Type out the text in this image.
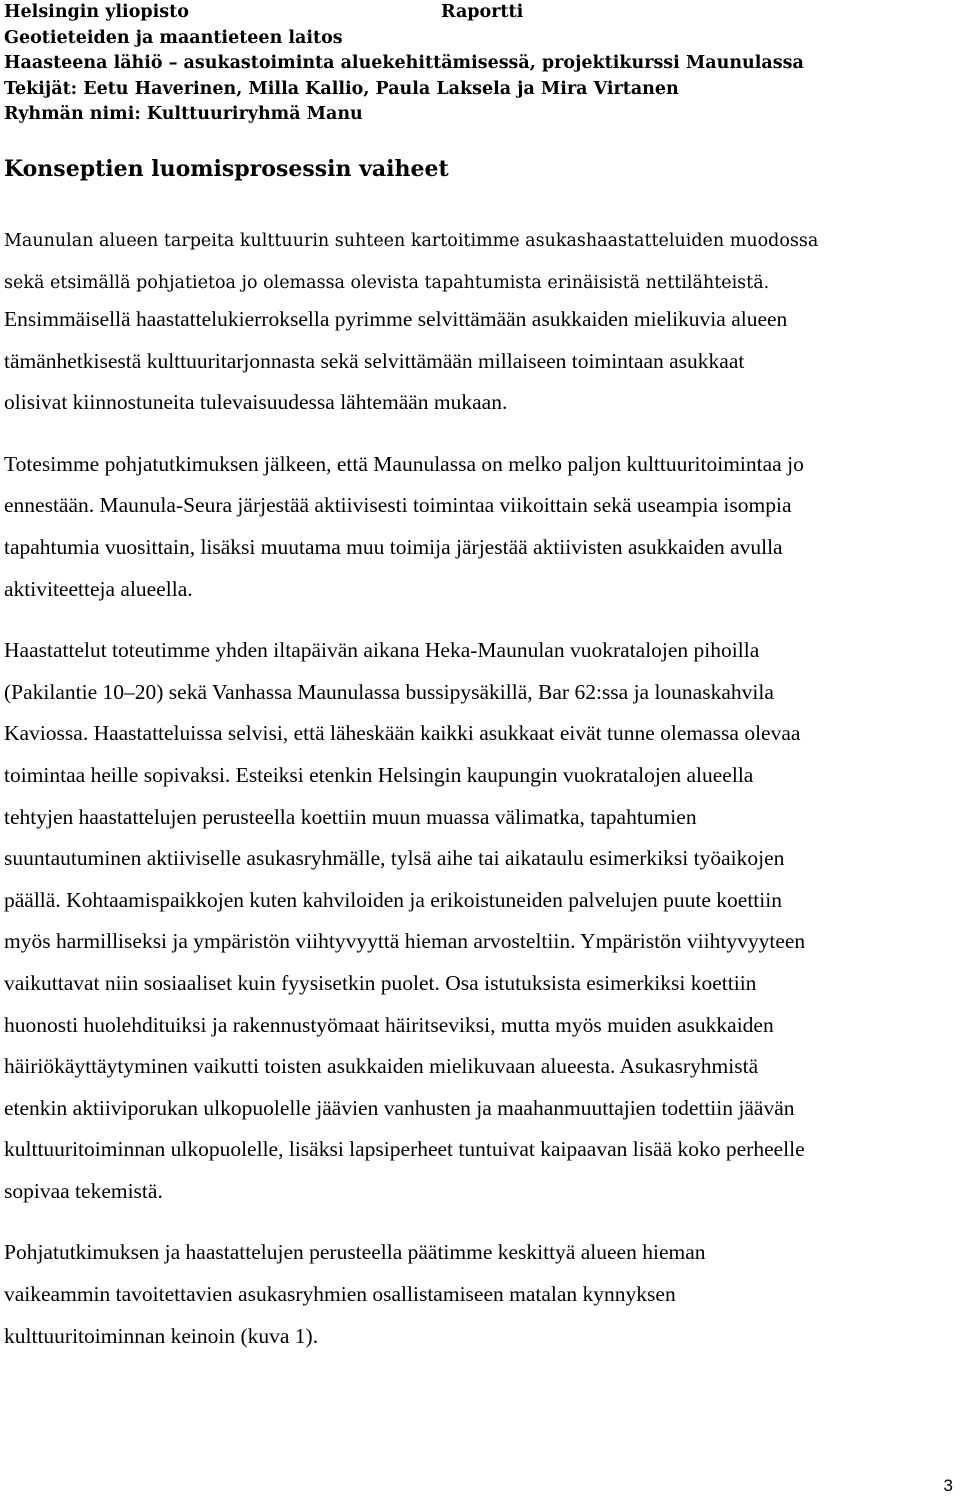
Helsingin yliopisto	Raportti
Geotieteiden ja maantieteen laitos
Haasteena lähiö – asukastoiminta aluekehittämisessä, projektikurssi Maunulassa
Tekijät: Eetu Haverinen, Milla Kallio, Paula Laksela ja Mira Virtanen
Ryhmän nimi: Kulttuuriryhmä Manu
Konseptien luomisprosessin vaiheet
Maunulan alueen tarpeita kulttuurin suhteen kartoitimme asukashaastatteluiden muodossa
sekä etsimällä pohjatietoa jo olemassa olevista tapahtumista erinäisistä nettilähteistä.
Ensimmäisellä haastattelukierroksella pyrimme selvittämään asukkaiden mielikuvia alueen
tämänhetkisestä kulttuuritarjonnasta sekä selvittämään millaiseen toimintaan asukkaat
olisivat kiinnostuneita tulevaisuudessa lähtemään mukaan.
Totesimme pohjatutkimuksen jälkeen, että Maunulassa on melko paljon kulttuuritoimintaa jo
ennestään. Maunula-Seura järjestää aktiivisesti toimintaa viikoittain sekä useampia isompia
tapahtumia vuosittain, lisäksi muutama muu toimija järjestää aktiivisten asukkaiden avulla
aktiviteetteja alueella.
Haastattelut toteutimme yhden iltapäivän aikana Heka-Maunulan vuokratalojen pihoilla
(Pakilantie 10–20) sekä Vanhassa Maunulassa bussipysäkillä, Bar 62:ssa ja lounaskahvila
Kaviossa. Haastatteluissa selvisi, että läheskään kaikki asukkaat eivät tunne olemassa olevaa
toimintaa heille sopivaksi. Esteiksi etenkin Helsingin kaupungin vuokratalojen alueella
tehtyjen haastattelujen perusteella koettiin muun muassa välimatka, tapahtumien
suuntautuminen aktiiviselle asukasryhmälle, tylsä aihe tai aikataulu esimerkiksi työaikojen
päällä. Kohtaamispaikkojen kuten kahviloiden ja erikoistuneiden palvelujen puute koettiin
myös harmilliseksi ja ympäristön viihtyvyyttä hieman arvosteltiin. Ympäristön viihtyvyyteen
vaikuttavat niin sosiaaliset kuin fyysisetkin puolet. Osa istutuksista esimerkiksi koettiin
huonosti huolehdituiksi ja rakennustyömaat häiritseviksi, mutta myös muiden asukkaiden
häiriökäyttäytyminen vaikutti toisten asukkaiden mielikuvaan alueesta. Asukasryhmistä
etenkin aktiiviporukan ulkopuolelle jäävien vanhusten ja maahanmuuttajien todettiin jäävän
kulttuuritoiminnan ulkopuolelle, lisäksi lapsiperheet tuntuivat kaipaavan lisää koko perheelle
sopivaa tekemistä.
Pohjatutkimuksen ja haastattelujen perusteella päätimme keskittyä alueen hieman
vaikeammin tavoitettavien asukasryhmien osallistamiseen matalan kynnyksen
kulttuuritoiminnan keinoin (kuva 1).
3
